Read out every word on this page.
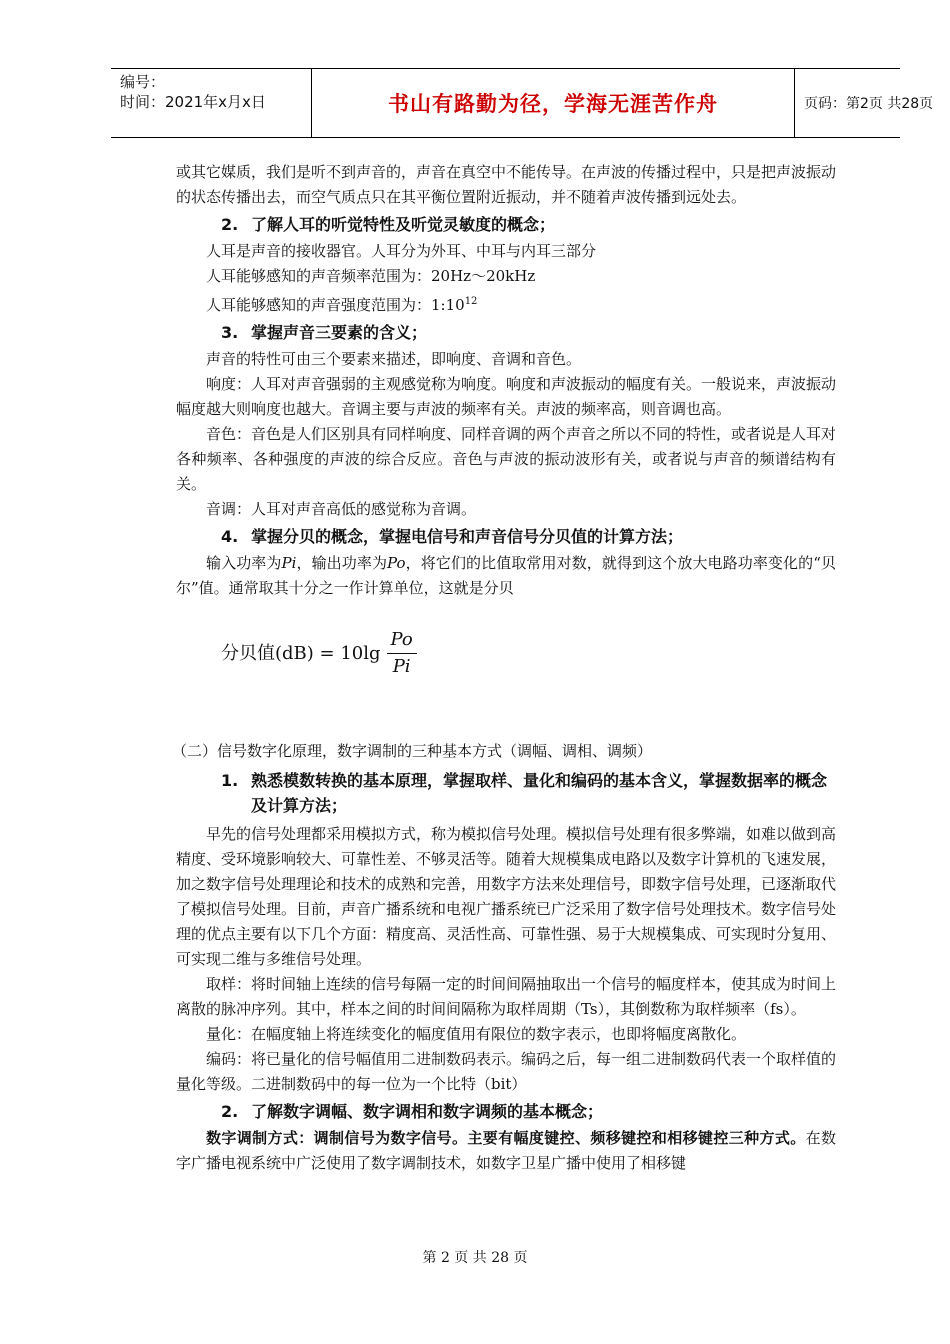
编号：
时间：2021年x月x日	书山有路勤为径，学海无涯苦作舟	页码：第2页 共28页

或其它媒质，我们是听不到声音的，声音在真空中不能传导。在声波的传播过程中，只是把声波振动的状态传播出去，而空气质点只在其平衡位置附近振动，并不随着声波传播到远处去。

2. 了解人耳的听觉特性及听觉灵敏度的概念；

人耳是声音的接收器官。人耳分为外耳、中耳与内耳三部分

人耳能够感知的声音频率范围为：20Hz～20kHz

人耳能够感知的声音强度范围为：$1:10^{12}$

3. 掌握声音三要素的含义；

声音的特性可由三个要素来描述，即响度、音调和音色。

响度：人耳对声音强弱的主观感觉称为响度。响度和声波振动的幅度有关。一般说来，声波振动幅度越大则响度也越大。音调主要与声波的频率有关。声波的频率高，则音调也高。

音色：音色是人们区别具有同样响度、同样音调的两个声音之所以不同的特性，或者说是人耳对各种频率、各种强度的声波的综合反应。音色与声波的振动波形有关，或者说与声音的频谱结构有关。

音调：人耳对声音高低的感觉称为音调。

4. 掌握分贝的概念，掌握电信号和声音信号分贝值的计算方法；

输入功率为Pi，输出功率为Po，将它们的比值取常用对数，就得到这个放大电路功率变化的“贝尔”值。通常取其十分之一作计算单位，这就是分贝

分贝值$(dB) = 10\lg \frac{Po}{Pi}$

（二）信号数字化原理，数字调制的三种基本方式（调幅、调相、调频）

1. 熟悉模数转换的基本原理，掌握取样、量化和编码的基本含义，掌握数据率的概念及计算方法；

早先的信号处理都采用模拟方式，称为模拟信号处理。模拟信号处理有很多弊端，如难以做到高精度、受环境影响较大、可靠性差、不够灵活等。随着大规模集成电路以及数字计算机的飞速发展，加之数字信号处理理论和技术的成熟和完善，用数字方法来处理信号，即数字信号处理，已逐渐取代了模拟信号处理。目前，声音广播系统和电视广播系统已广泛采用了数字信号处理技术。数字信号处理的优点主要有以下几个方面：精度高、灵活性高、可靠性强、易于大规模集成、可实现时分复用、可实现二维与多维信号处理。

取样：将时间轴上连续的信号每隔一定的时间间隔抽取出一个信号的幅度样本，使其成为时间上离散的脉冲序列。其中，样本之间的时间间隔称为取样周期（Ts），其倒数称为取样频率（fs）。

量化：在幅度轴上将连续变化的幅度值用有限位的数字表示，也即将幅度离散化。

编码：将已量化的信号幅值用二进制数码表示。编码之后，每一组二进制数码代表一个取样值的量化等级。二进制数码中的每一位为一个比特（bit）

2. 了解数字调幅、数字调相和数字调频的基本概念；

数字调制方式：调制信号为数字信号。主要有幅度键控、频移键控和相移键控三种方式。在数字广播电视系统中广泛使用了数字调制技术，如数字卫星广播中使用了相移键

第 2 页 共 28 页
